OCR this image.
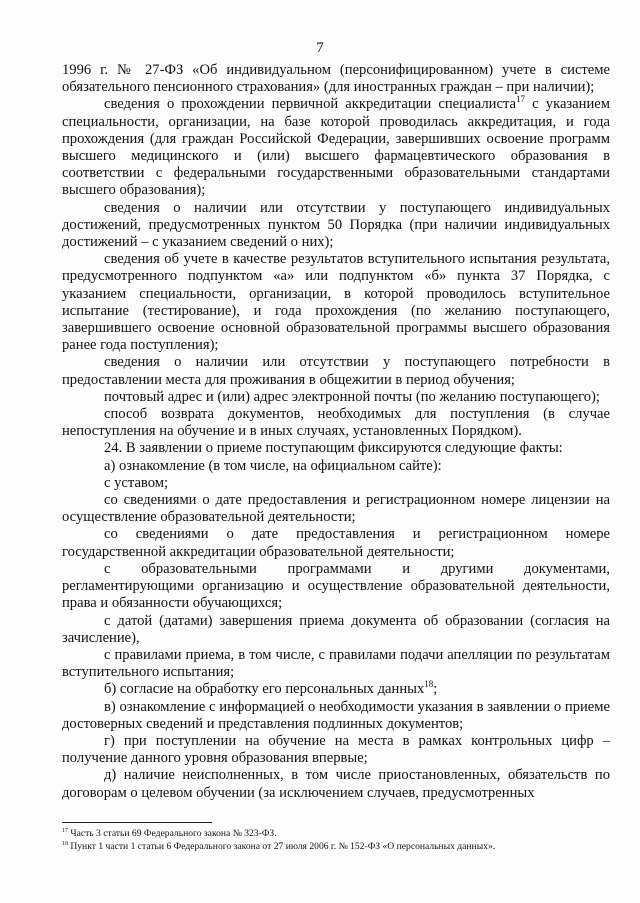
7

1996 г. № 27-ФЗ «Об индивидуальном (персонифицированном) учете в системе обязательного пенсионного страхования» (для иностранных граждан – при наличии);

сведения о прохождении первичной аккредитации специалиста$^{17}$ с указанием специальности, организации, на базе которой проводилась аккредитация, и года прохождения (для граждан Российской Федерации, завершивших освоение программ высшего медицинского и (или) высшего фармацевтического образования в соответствии с федеральными государственными образовательными стандартами высшего образования);

сведения о наличии или отсутствии у поступающего индивидуальных достижений, предусмотренных пунктом 50 Порядка (при наличии индивидуальных достижений – с указанием сведений о них);

сведения об учете в качестве результатов вступительного испытания результата, предусмотренного подпунктом «а» или подпунктом «б» пункта 37 Порядка, с указанием специальности, организации, в которой проводилось вступительное испытание (тестирование), и года прохождения (по желанию поступающего, завершившего освоение основной образовательной программы высшего образования ранее года поступления);

сведения о наличии или отсутствии у поступающего потребности в предоставлении места для проживания в общежитии в период обучения;

почтовый адрес и (или) адрес электронной почты (по желанию поступающего);

способ возврата документов, необходимых для поступления (в случае непоступления на обучение и в иных случаях, установленных Порядком).

24. В заявлении о приеме поступающим фиксируются следующие факты:

а) ознакомление (в том числе, на официальном сайте):

с уставом;

со сведениями о дате предоставления и регистрационном номере лицензии на осуществление образовательной деятельности;

со сведениями о дате предоставления и регистрационном номере государственной аккредитации образовательной деятельности;

с образовательными программами и другими документами, регламентирующими организацию и осуществление образовательной деятельности, права и обязанности обучающихся;

с датой (датами) завершения приема документа об образовании (согласия на зачисление),

с правилами приема, в том числе, с правилами подачи апелляции по результатам вступительного испытания;

б) согласие на обработку его персональных данных$^{18}$;

в) ознакомление с информацией о необходимости указания в заявлении о приеме достоверных сведений и представления подлинных документов;

г) при поступлении на обучение на места в рамках контрольных цифр – получение данного уровня образования впервые;

д) наличие неисполненных, в том числе приостановленных, обязательств по договорам о целевом обучении (за исключением случаев, предусмотренных

$^{17}$ Часть 3 статьи 69 Федерального закона № 323-ФЗ.

$^{18}$ Пункт 1 части 1 статьи 6 Федерального закона от 27 июля 2006 г. № 152-ФЗ «О персональных данных».
